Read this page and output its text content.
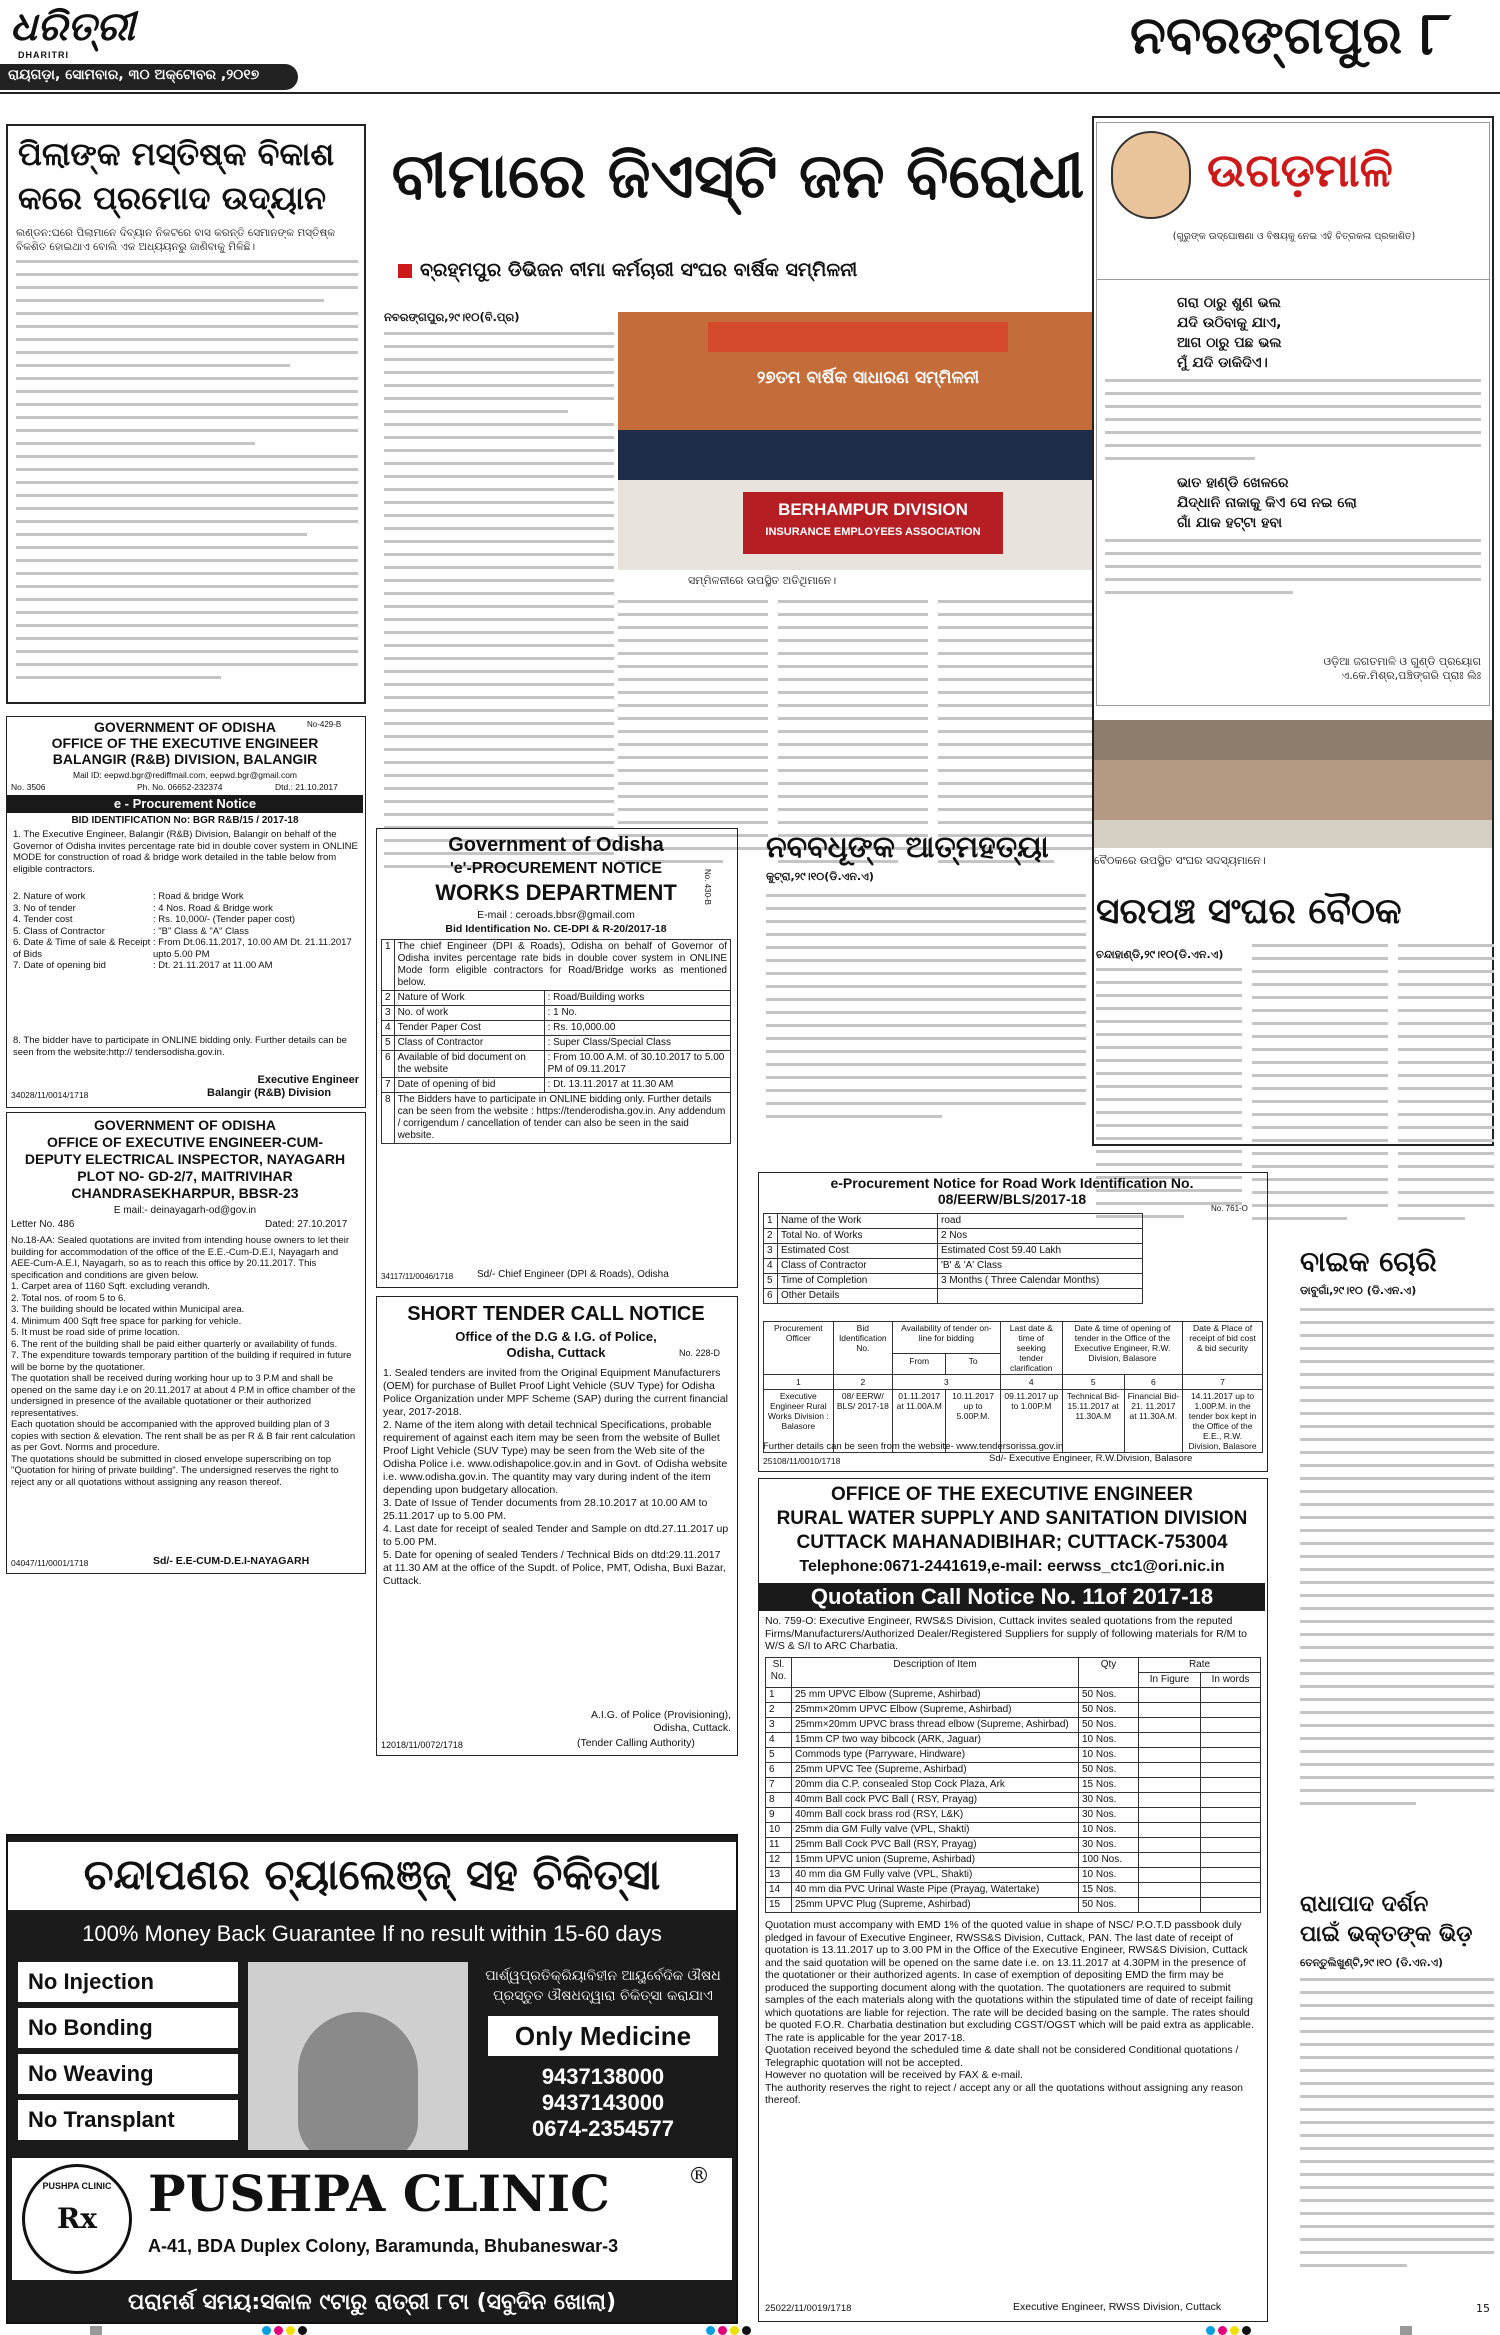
ଧରିତ୍ରୀ
DHARITRI
ରାୟଗଡ଼ା, ସୋମବାର, ୩୦ ଅକ୍ଟୋବର ,୨୦୧୭
ନବରଙ୍ଗପୁର ୮
ପିଲାଙ୍କ ମସ୍ତିଷ୍କ ବିକାଶ କରେ ପ୍ରମୋଦ ଉଦ୍ୟାନ
ଲଣ୍ଡନ:ଘରେ ପିଲାମାନେ ଦିବ୍ୟାନ ନିକଟରେ ବାସ କରନ୍ତି ସେମାନଙ୍କ ମସ୍ତିଷ୍କ ବିକଶିତ ହୋଇଥାଏ ବୋଲି ଏକ ଅଧ୍ୟୟନରୁ ଜାଣିବାକୁ ମିଳିଛି।
ବୀମାରେ ଜିଏସ୍ଟି ଜନ ବିରୋଧୀ
ବ୍ରହ୍ମପୁର ଡିଭିଜନ ବୀମା କର୍ମଚାରୀ ସଂଘର ବାର୍ଷିକ ସମ୍ମିଳନୀ
ନବରଙ୍ଗପୁର,୨୯।୧୦(ବି.ପ୍ର)
୨୭ତମ ବାର୍ଷିକ ସାଧାରଣ ସମ୍ମିଳନୀ
BERHAMPUR DIVISION
INSURANCE EMPLOYEES ASSOCIATION
ସମ୍ମିଳନୀରେ ଉପସ୍ଥିତ ଅତିଥିମାନେ।
ଉଗଡ଼ମାଳି
(ଗୁରୁଙ୍କ ଉଦ୍‌ଘୋଷଣା ଓ ବିଷୟକୁ ନେଇ ଏହି ଚିତ୍ରକଳା ପ୍ରକାଶିତ)
ଗରା ଠାରୁ ଶୁଣ ଭଲ
ଯଦି ଉଠିବାକୁ ଯାଏ,
ଆଗ ଠାରୁ ପଛ ଭଲ
ମୁଁ ଯଦି ଡାକିଦିଏ।
ଭାତ ହାଣ୍ଡି ଖେଳରେ
ଯିଦ୍ଧାନି ନାକାକୁ କିଏ ସେ ନଇ ଲୋ
ଗାଁ ଯାକ ହଟ୍ଟା ହବା
ଓଡ଼ିଆ ଜଗତମାଳି ଓ ଗୁଣ୍ଡି ପ୍ରୟୋଗ
ଏ.କେ.ମିଶ୍ର,ପଞ୍ଚିଙ୍ଗରି ପ୍ରାଃ ଲିଃ
ବୈଠକରେ ଉପସ୍ଥିତ ସଂଘର ସଦସ୍ୟମାନେ।
ସରପଞ୍ଚ ସଂଘର ବୈଠକ
ଚନ୍ଦାହାଣ୍ଡି,୨୯।୧୦(ଡି.ଏନ.ଏ)
ନବବଧୂଙ୍କ ଆତ୍ମହତ୍ୟା
କୁଟ୍ରା,୨୯।୧୦(ଡି.ଏନ.ଏ)
ବାଇକ ଚୋରି
ଡାବୁଗାଁ,୨୯।୧୦ (ଡି.ଏନ.ଏ)
ରାଧାପାଦ ଦର୍ଶନ
ପାଇଁ ଭକ୍ତଙ୍କ ଭିଡ଼
ତେନ୍ତୁଲିଖୁଣ୍ଟି,୨୯।୧୦ (ଡି.ଏନ.ଏ)
GOVERNMENT OF ODISHA
OFFICE OF THE EXECUTIVE ENGINEER
BALANGIR (R&B) DIVISION, BALANGIR
No-429-B
Mail ID: eepwd.bgr@rediffmail.com, eepwd.bgr@gmail.com
No. 3506	Ph. No. 06652-232374	Dtd.: 21.10.2017
e - Procurement Notice
BID IDENTIFICATION No: BGR R&B/15 / 2017-18
1. The Executive Engineer, Balangir (R&B) Division, Balangir on behalf of the Governor of Odisha invites percentage rate bid in double cover system in ONLINE MODE for construction of road & bridge work detailed in the table below from eligible contractors.
2. Nature of work	: Road & bridge Work
3. No of tender	: 4 Nos. Road & Bridge work
4. Tender cost	: Rs. 10,000/- (Tender paper cost)
5. Class of Contractor	: "B" Class & "A" Class
6. Date & Time of sale & Receipt of Bids
: From Dt.06.11.2017, 10.00 AM Dt. 21.11.2017 upto 5.00 PM
7. Date of opening bid	: Dt. 21.11.2017 at 11.00 AM
8. The bidder have to participate in ONLINE bidding only. Further details can be seen from the website:http:// tendersodisha.gov.in.
Executive Engineer
34028/11/0014/1718	Balangir (R&B) Division
GOVERNMENT OF ODISHA
OFFICE OF EXECUTIVE ENGINEER-CUM-
DEPUTY ELECTRICAL INSPECTOR, NAYAGARH
PLOT NO- GD-2/7, MAITRIVIHAR
CHANDRASEKHARPUR, BBSR-23
E mail:- deinayagarh-od@gov.in
Letter No. 486	Dated: 27.10.2017
No.18-AA: Sealed quotations are invited from intending house owners to let their building for accommodation of the office of the E.E.-Cum-D.E.I, Nayagarh and AEE-Cum-A.E.I, Nayagarh, so as to reach this office by 20.11.2017. This specification and conditions are given below.
1. Carpet area of 1160 Sqft. excluding verandh.
2. Total nos. of room 5 to 6.
3. The building should be located within Municipal area.
4. Minimum 400 Sqft free space for parking for vehicle.
5. It must be road side of prime location.
6. The rent of the building shall be paid either quarterly or availability of funds.
7. The expenditure towards temporary partition of the building if required in future will be borne by the quotationer.
The quotation shall be received during working hour up to 3 P.M and shall be opened on the same day i.e on 20.11.2017 at about 4 P.M in office chamber of the undersigned in presence of the available quotationer or their authorized representatives.
Each quotation should be accompanied with the approved building plan of 3 copies with section & elevation. The rent shall be as per R & B fair rent calculation as per Govt. Norms and procedure.
The quotations should be submitted in closed envelope superscribing on top "Quotation for hiring of private building". The undersigned reserves the right to reject any or all quotations without assigning any reason thereof.
04047/11/0001/1718	Sd/- E.E-CUM-D.E.I-NAYAGARH
Government of Odisha
'e'-PROCUREMENT NOTICE
WORKS DEPARTMENT	No. 430-B
E-mail : ceroads.bbsr@gmail.com
Bid Identification No. CE-DPI & R-20/2017-18
1	The chief Engineer (DPI & Roads), Odisha on behalf of Governor of Odisha invites percentage rate bids in double cover system in ONLINE Mode form eligible contractors for Road/Bridge works as mentioned below.	
2	Nature of Work	: Road/Building works
3	No. of work	: 1 No.
4	Tender Paper Cost	: Rs. 10,000.00
5	Class of Contractor	: Super Class/Special Class
6	Available of bid document on the website	: From 10.00 A.M. of 30.10.2017 to 5.00 PM of 09.11.2017
7	Date of opening of bid	: Dt. 13.11.2017 at 11.30 AM
8	The Bidders have to participate in ONLINE bidding only. Further details can be seen from the website : https://tenderodisha.gov.in. Any addendum / corrigendum / cancellation of tender can also be seen in the said website.	
34117/11/0046/1718 Sd/- Chief Engineer (DPI & Roads), Odisha
SHORT TENDER CALL NOTICE
Office of the D.G & I.G. of Police,
Odisha, Cuttack	No. 228-D
1. Sealed tenders are invited from the Original Equipment Manufacturers (OEM) for purchase of Bullet Proof Light Vehicle (SUV Type) for Odisha Police Organization under MPF Scheme (SAP) during the current financial year, 2017-2018.
2. Name of the item along with detail technical Specifications, probable requirement of against each item may be seen from the website of Bullet Proof Light Vehicle (SUV Type) may be seen from the Web site of the Odisha Police i.e. www.odishapolice.gov.in and in Govt. of Odisha website i.e. www.odisha.gov.in. The quantity may vary during indent of the item depending upon budgetary allocation.
3. Date of Issue of Tender documents from 28.10.2017 at 10.00 AM to 25.11.2017 up to 5.00 PM.
4. Last date for receipt of sealed Tender and Sample on dtd.27.11.2017 up to 5.00 PM.
5. Date for opening of sealed Tenders / Technical Bids on dtd:29.11.2017 at 11.30 AM at the office of the Supdt. of Police, PMT, Odisha, Buxi Bazar, Cuttack.
A.I.G. of Police (Provisioning),
Odisha, Cuttack.
12018/11/0072/1718	(Tender Calling Authority)
e-Procurement Notice for Road Work Identification No.
08/EERW/BLS/2017-18
No. 761-O
1	Name of the Work	road
2	Total No. of Works	2 Nos
3	Estimated Cost	Estimated Cost 59.40 Lakh
4	Class of Contractor	'B' & 'A' Class
5	Time of Completion	3 Months ( Three Calendar Months)
6	Other Details	
Procurement Officer	Bid Identification No.	Availability of tender on-line for bidding		Last date & time of seeking tender clarification	Date & time of opening of tender in the Office of the Executive Engineer, R.W. Division, Balasore		Date & Place of receipt of bid cost & bid security
		From	To				
1	2	3		4	5	6	7
Executive Engineer Rural Works Division : Balasore	08/ EERW/ BLS/ 2017-18	01.11.2017 at 11.00A.M	10.11.2017 up to 5.00P.M.	09.11.2017 up to 1.00P.M	Technical Bid- 15.11.2017 at 11.30A.M	Financial Bid-21. 11.2017 at 11.30A.M.	14.11.2017 up to 1.00P.M. in the tender box kept in the Office of the E.E., R.W. Division, Balasore
Further details can be seen from the website- www.tendersorissa.gov.in
25108/11/0010/1718	Sd/- Executive Engineer, R.W.Division, Balasore
OFFICE OF THE EXECUTIVE ENGINEER
RURAL WATER SUPPLY AND SANITATION DIVISION
CUTTACK MAHANADIBIHAR; CUTTACK-753004
Telephone:0671-2441619,e-mail: eerwss_ctc1@ori.nic.in
Quotation Call Notice No. 11of 2017-18
No. 759-O: Executive Engineer, RWS&S Division, Cuttack invites sealed quotations from the reputed Firms/Manufacturers/Authorized Dealer/Registered Suppliers for supply of following materials for R/M to W/S & S/I to ARC Charbatia.
Sl. No.	Description of Item	Qty	Rate	
			In Figure	In words
1	25 mm UPVC Elbow (Supreme, Ashirbad)	50 Nos.		
2	25mm×20mm UPVC Elbow (Supreme, Ashirbad)	50 Nos.		
3	25mm×20mm UPVC brass thread elbow (Supreme, Ashirbad)	50 Nos.		
4	15mm CP two way bibcock (ARK, Jaguar)	10 Nos.		
5	Commods type (Parryware, Hindware)	10 Nos.		
6	25mm UPVC Tee (Supreme, Ashirbad)	50 Nos.		
7	20mm dia C.P. consealed Stop Cock Plaza, Ark	15 Nos.		
8	40mm Ball cock PVC Ball ( RSY, Prayag)	30 Nos.		
9	40mm Ball cock brass rod (RSY, L&K)	30 Nos.		
10	25mm dia GM Fully valve (VPL, Shakti)	10 Nos.		
11	25mm Ball Cock PVC Ball (RSY, Prayag)	30 Nos.		
12	15mm UPVC union (Supreme, Ashirbad)	100 Nos.		
13	40 mm dia GM Fully valve (VPL, Shakti)	10 Nos.		
14	40 mm dia PVC Urinal Waste Pipe (Prayag, Watertake)	15 Nos.		
15	25mm UPVC Plug (Supreme, Ashirbad)	50 Nos.		
Quotation must accompany with EMD 1% of the quoted value in shape of NSC/ P.O.T.D passbook duly pledged in favour of Executive Engineer, RWSS&S Division, Cuttack, PAN. The last date of receipt of quotation is 13.11.2017 up to 3.00 PM in the Office of the Executive Engineer, RWS&S Division, Cuttack and the said quotation will be opened on the same date i.e. on 13.11.2017 at 4.30PM in the presence of the quotationer or their authorized agents. In case of exemption of depositing EMD the firm may be produced the supporting document along with the quotation. The quotationers are required to submit samples of the each materials along with the quotations within the stipulated time of date of receipt failing which quotations are liable for rejection. The rate will be decided basing on the sample. The rates should be quoted F.O.R. Charbatia destination but excluding CGST/OGST which will be paid extra as applicable. The rate is applicable for the year 2017-18.
Quotation received beyond the scheduled time & date shall not be considered Conditional quotations / Telegraphic quotation will not be accepted.
However no quotation will be received by FAX & e-mail.
The authority reserves the right to reject / accept any or all the quotations without assigning any reason thereof.
25022/11/0019/1718	Executive Engineer, RWSS Division, Cuttack
ଚନ୍ଦାପଣର ଚ୍ୟାଲେଞ୍ଜ୍ ସହ ଚିକିତ୍ସା
100% Money Back Guarantee If no result within 15-60 days
No Injection
No Bonding
No Weaving
No Transplant
ପାର୍ଶ୍ୱପ୍ରତିକ୍ରିୟାବିହୀନ ଆୟୁର୍ବେଦିକ ଔଷଧ
ପ୍ରସ୍ତୁତ ଔଷଧଦ୍ୱାରା ଚିକିତ୍ସା କରାଯାଏ
Only Medicine
9437138000
9437143000
0674-2354577
PUSHPA CLINIC
Rx	PUSHPA CLINIC	®
A-41, BDA Duplex Colony, Baramunda, Bhubaneswar-3
ପରାମର୍ଶ ସମୟ:ସକାଳ ୯ଟାରୁ ରାତ୍ରୀ ୮ଟା (ସବୁଦିନ ଖୋଲା)	15
